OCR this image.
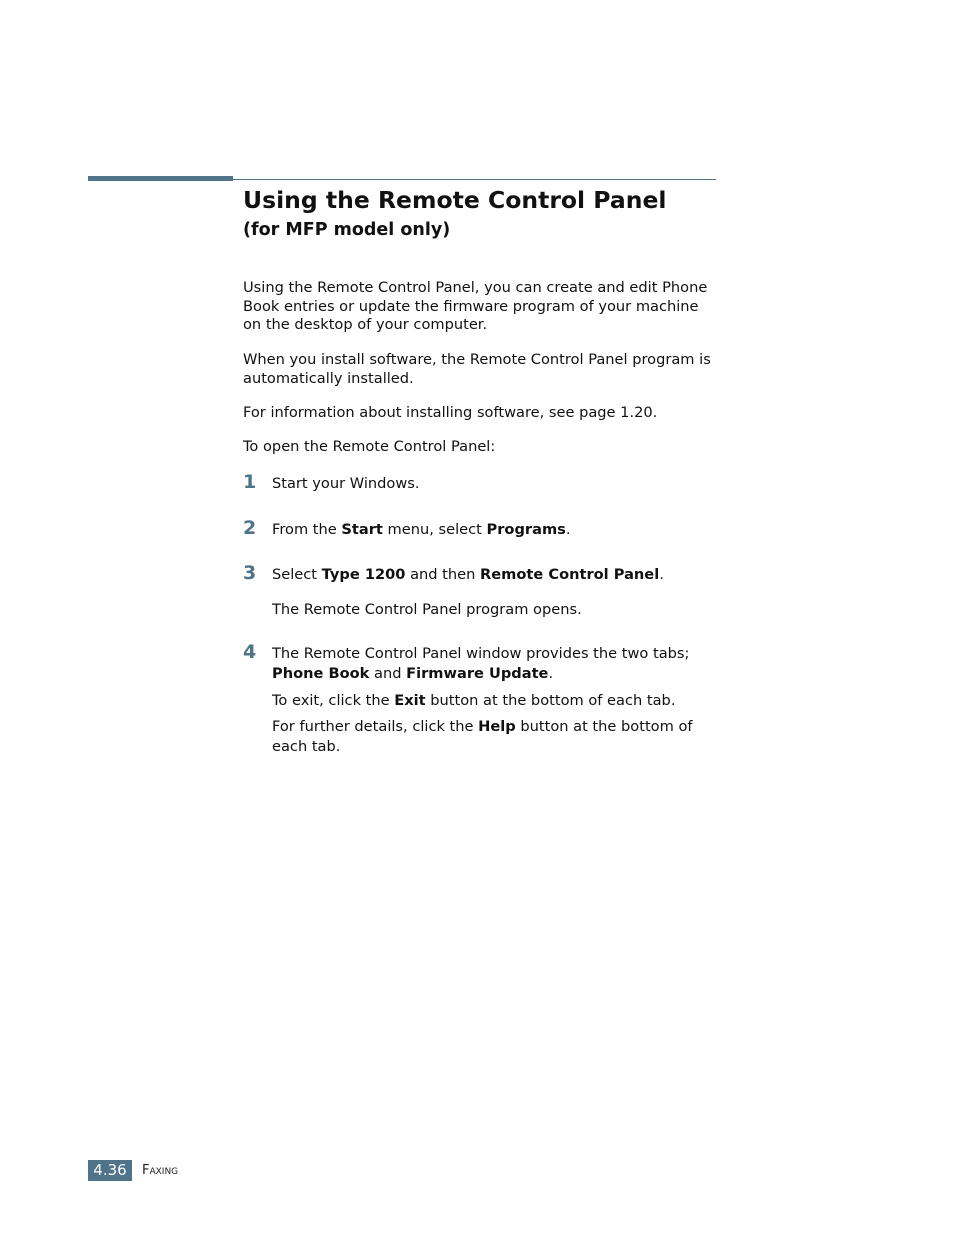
Using the Remote Control Panel
(for MFP model only)

Using the Remote Control Panel, you can create and edit Phone Book entries or update the firmware program of your machine on the desktop of your computer.

When you install software, the Remote Control Panel program is automatically installed.

For information about installing software, see page 1.20.

To open the Remote Control Panel:

1 Start your Windows.

2 From the Start menu, select Programs.

3 Select Type 1200 and then Remote Control Panel.

The Remote Control Panel program opens.

4 The Remote Control Panel window provides the two tabs; Phone Book and Firmware Update.

To exit, click the Exit button at the bottom of each tab.

For further details, click the Help button at the bottom of each tab.

4.36	Faxing
